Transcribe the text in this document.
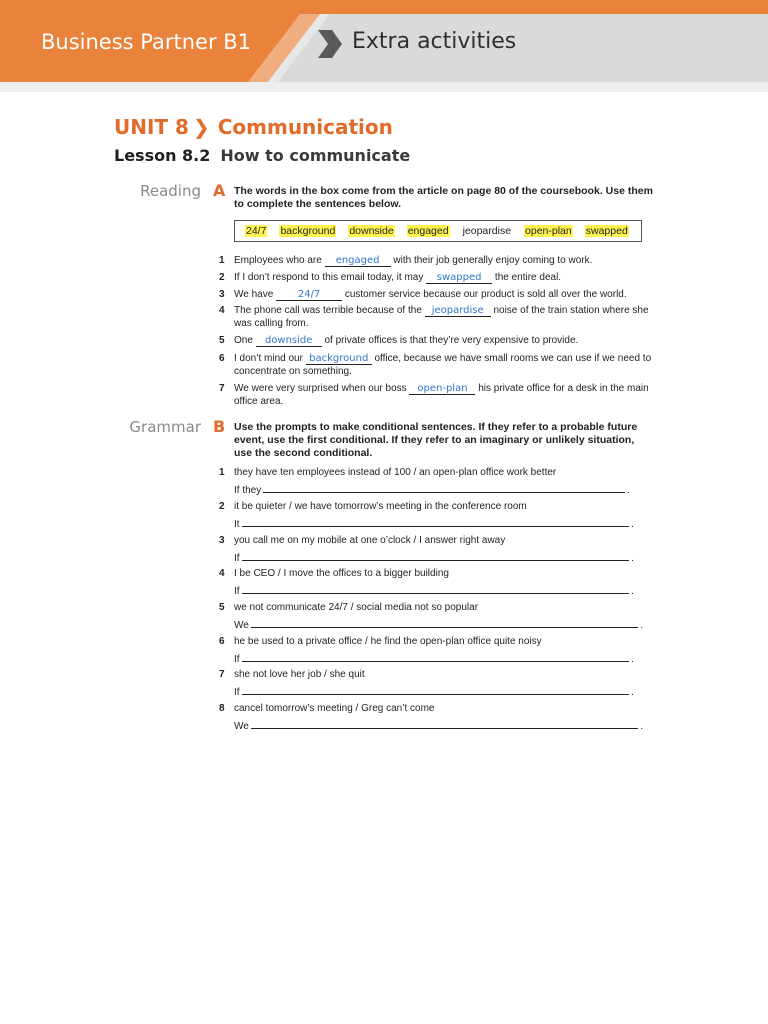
Business Partner B1	Extra activities
UNIT 8 ❯ Communication
Lesson 8.2 How to communicate
Reading A The words in the box come from the article on page 80 of the coursebook. Use them to complete the sentences below.
24/7 background downside engaged jeopardise open-plan swapped
1 Employees who are engaged with their job generally enjoy coming to work.
2 If I don’t respond to this email today, it may swapped the entire deal.
3 We have 24/7 customer service because our product is sold all over the world.
4 The phone call was terrible because of the jeopardise noise of the train station where she was calling from.
5 One downside of private offices is that they’re very expensive to provide.
6 I don’t mind our background office, because we have small rooms we can use if we need to concentrate on something.
7 We were very surprised when our boss open-plan his private office for a desk in the main office area.
Grammar B Use the prompts to make conditional sentences. If they refer to a probable future event, use the first conditional. If they refer to an imaginary or unlikely situation, use the second conditional.
1 they have ten employees instead of 100 / an open-plan office work better
If they	.
2 it be quieter / we have tomorrow’s meeting in the conference room
It	.
3 you call me on my mobile at one o’clock / I answer right away
If	.
4 I be CEO / I move the offices to a bigger building
If	.
5 we not communicate 24/7 / social media not so popular
We	.
6 he be used to a private office / he find the open-plan office quite noisy
If	.
7 she not love her job / she quit
If	.
8 cancel tomorrow’s meeting / Greg can’t come
We	.
